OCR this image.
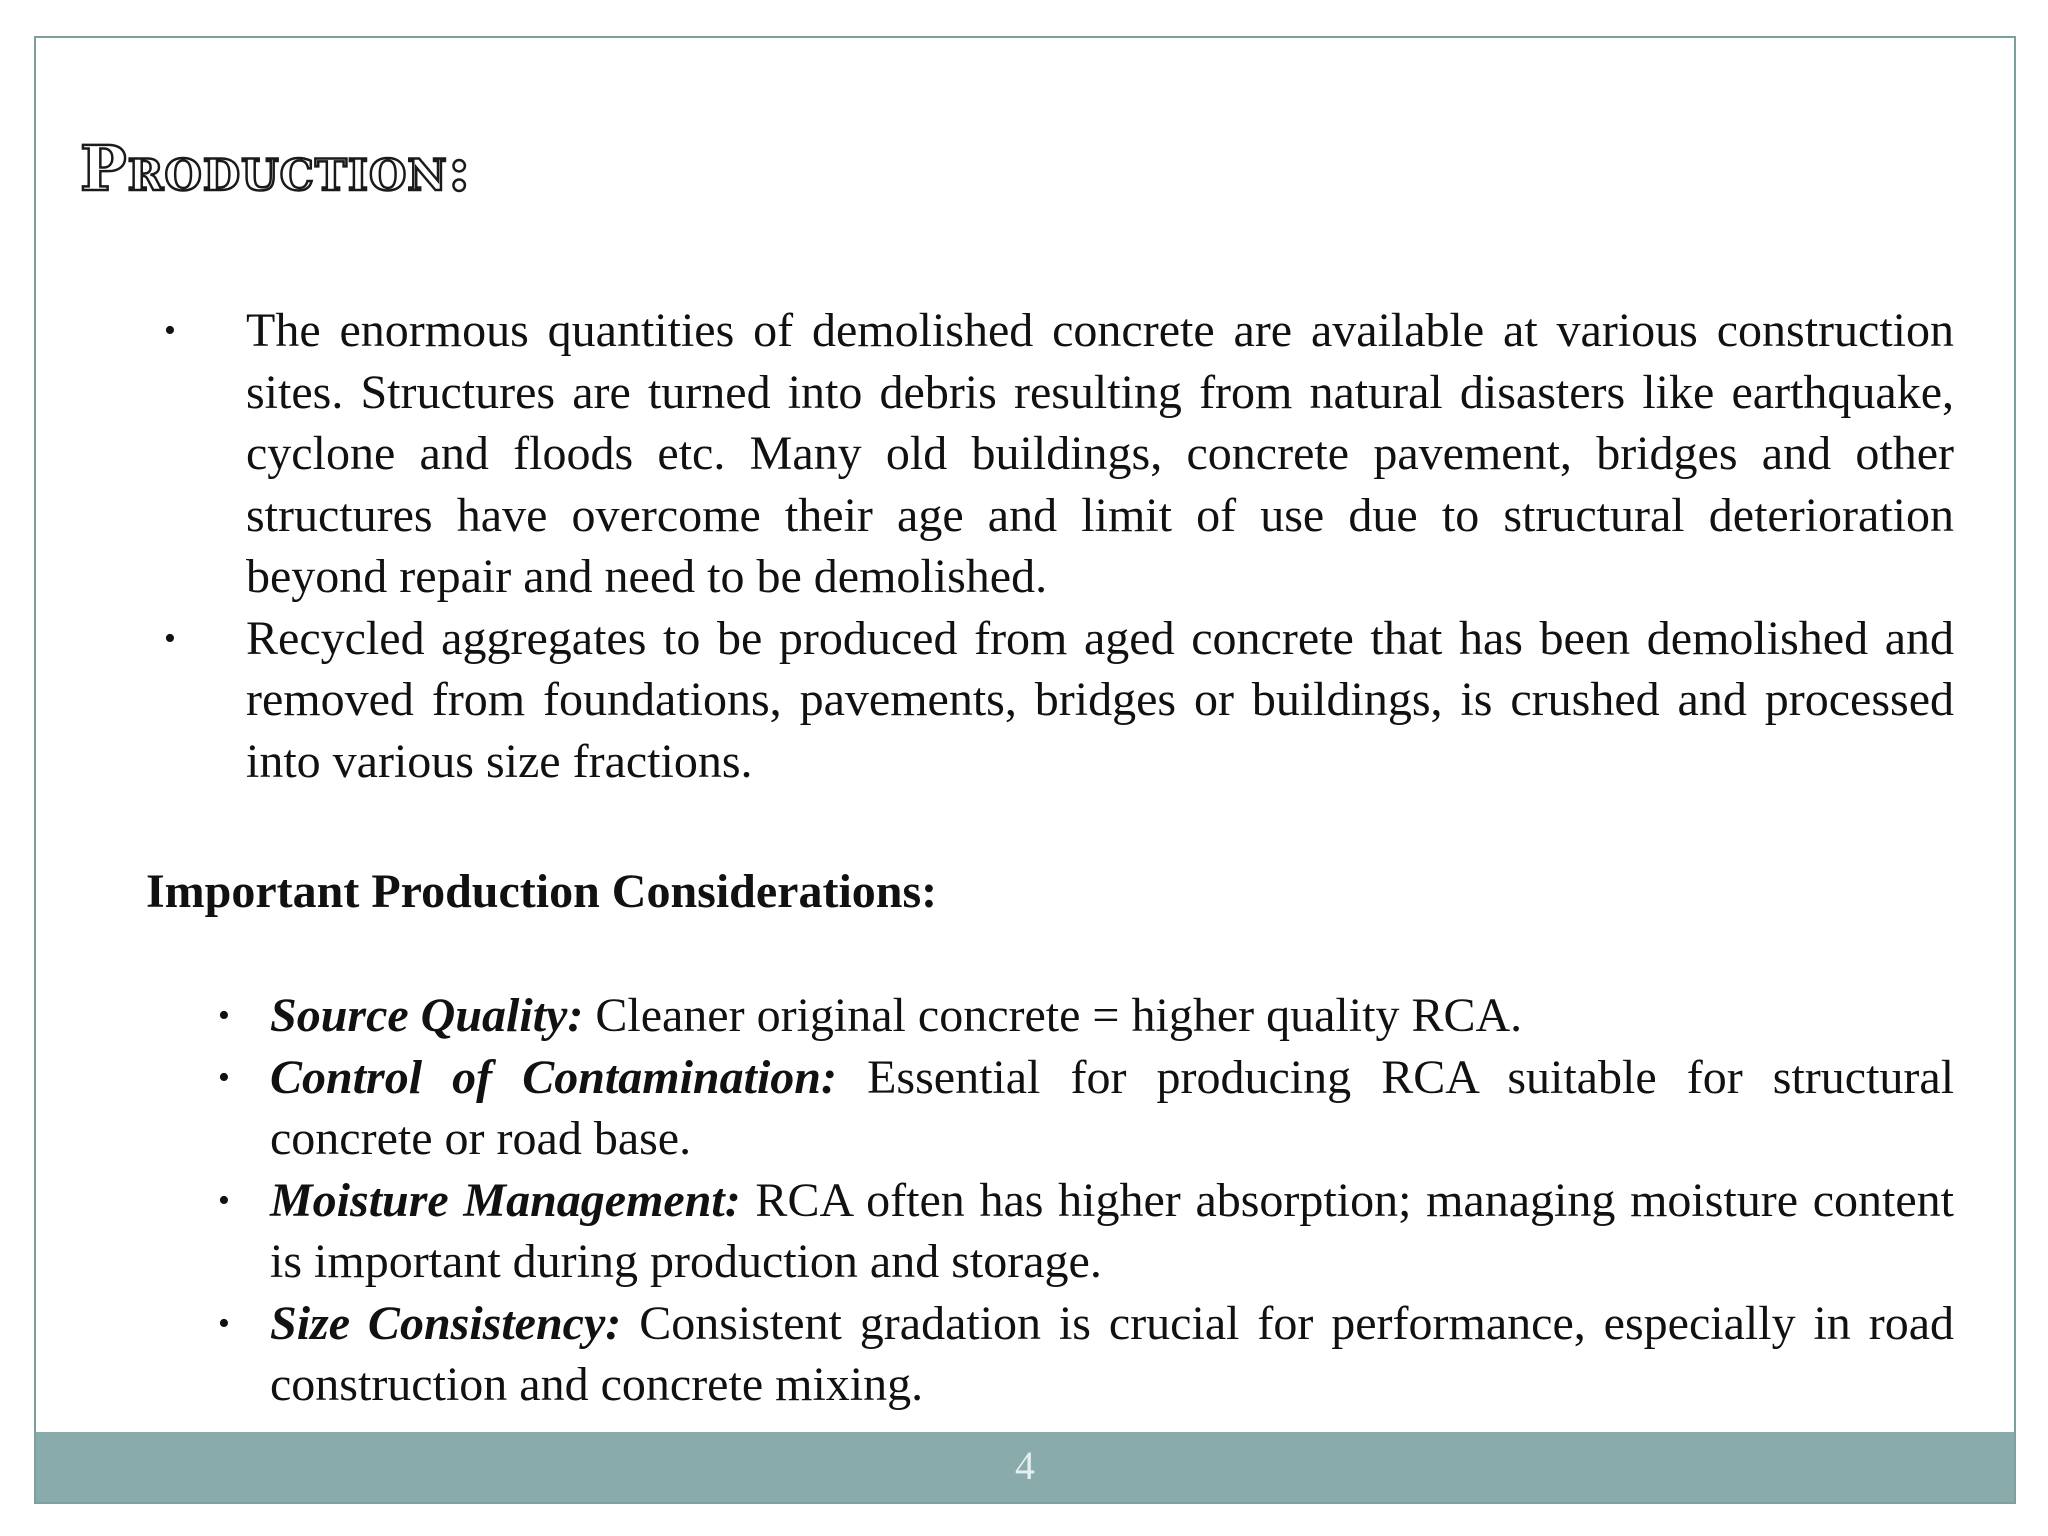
Production:
• The enormous quantities of demolished concrete are available at various construction sites. Structures are turned into debris resulting from natural disasters like earthquake, cyclone and floods etc. Many old buildings, concrete pavement, bridges and other structures have overcome their age and limit of use due to structural deterioration beyond repair and need to be demolished.
• Recycled aggregates to be produced from aged concrete that has been demolished and removed from foundations, pavements, bridges or buildings, is crushed and processed into various size fractions.
Important Production Considerations:
• Source Quality: Cleaner original concrete = higher quality RCA.
• Control of Contamination: Essential for producing RCA suitable for structural concrete or road base.
• Moisture Management: RCA often has higher absorption; managing moisture content is important during production and storage.
• Size Consistency: Consistent gradation is crucial for performance, especially in road construction and concrete mixing.
4
